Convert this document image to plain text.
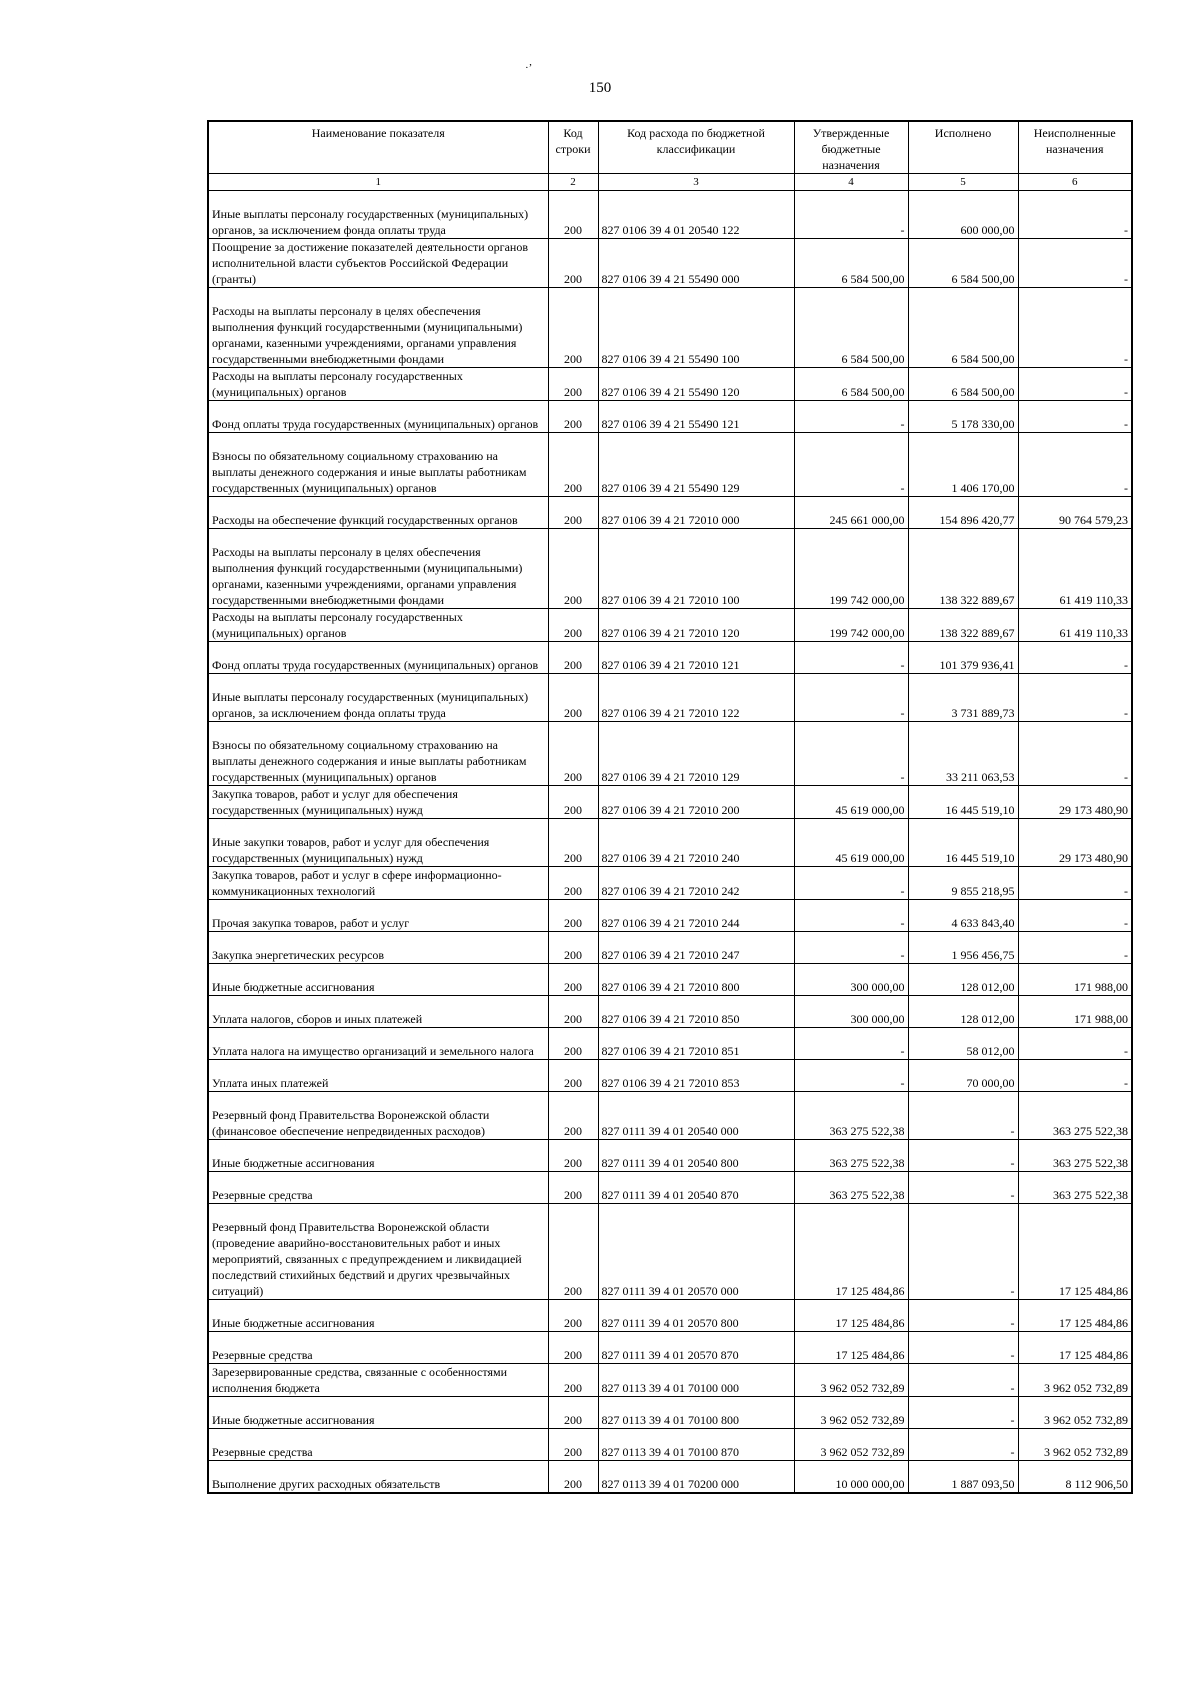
·’
150
Наименование показателя	Код строки	Код расхода по бюджетной классификации	Утвержденные бюджетные назначения	Исполнено	Неисполненные назначения
1	2	3	4	5	6
Иные выплаты персоналу государственных (муниципальных) органов, за исключением фонда оплаты труда	200	827 0106 39 4 01 20540 122	-	600 000,00	-
Поощрение за достижение показателей деятельности органов исполнительной власти субъектов Российской Федерации (гранты)	200	827 0106 39 4 21 55490 000	6 584 500,00	6 584 500,00	-
Расходы на выплаты персоналу в целях обеспечения выполнения функций государственными (муниципальными) органами, казенными учреждениями, органами управления государственными внебюджетными фондами	200	827 0106 39 4 21 55490 100	6 584 500,00	6 584 500,00	-
Расходы на выплаты персоналу государственных (муниципальных) органов	200	827 0106 39 4 21 55490 120	6 584 500,00	6 584 500,00	-
Фонд оплаты труда государственных (муниципальных) органов	200	827 0106 39 4 21 55490 121	-	5 178 330,00	-
Взносы по обязательному социальному страхованию на выплаты денежного содержания и иные выплаты работникам государственных (муниципальных) органов	200	827 0106 39 4 21 55490 129	-	1 406 170,00	-
Расходы на обеспечение функций государственных органов	200	827 0106 39 4 21 72010 000	245 661 000,00	154 896 420,77	90 764 579,23
Расходы на выплаты персоналу в целях обеспечения выполнения функций государственными (муниципальными) органами, казенными учреждениями, органами управления государственными внебюджетными фондами	200	827 0106 39 4 21 72010 100	199 742 000,00	138 322 889,67	61 419 110,33
Расходы на выплаты персоналу государственных (муниципальных) органов	200	827 0106 39 4 21 72010 120	199 742 000,00	138 322 889,67	61 419 110,33
Фонд оплаты труда государственных (муниципальных) органов	200	827 0106 39 4 21 72010 121	-	101 379 936,41	-
Иные выплаты персоналу государственных (муниципальных) органов, за исключением фонда оплаты труда	200	827 0106 39 4 21 72010 122	-	3 731 889,73	-
Взносы по обязательному социальному страхованию на выплаты денежного содержания и иные выплаты работникам государственных (муниципальных) органов	200	827 0106 39 4 21 72010 129	-	33 211 063,53	-
Закупка товаров, работ и услуг для обеспечения государственных (муниципальных) нужд	200	827 0106 39 4 21 72010 200	45 619 000,00	16 445 519,10	29 173 480,90
Иные закупки товаров, работ и услуг для обеспечения государственных (муниципальных) нужд	200	827 0106 39 4 21 72010 240	45 619 000,00	16 445 519,10	29 173 480,90
Закупка товаров, работ и услуг в сфере информационно-коммуникационных технологий	200	827 0106 39 4 21 72010 242	-	9 855 218,95	-
Прочая закупка товаров, работ и услуг	200	827 0106 39 4 21 72010 244	-	4 633 843,40	-
Закупка энергетических ресурсов	200	827 0106 39 4 21 72010 247	-	1 956 456,75	-
Иные бюджетные ассигнования	200	827 0106 39 4 21 72010 800	300 000,00	128 012,00	171 988,00
Уплата налогов, сборов и иных платежей	200	827 0106 39 4 21 72010 850	300 000,00	128 012,00	171 988,00
Уплата налога на имущество организаций и земельного налога	200	827 0106 39 4 21 72010 851	-	58 012,00	-
Уплата иных платежей	200	827 0106 39 4 21 72010 853	-	70 000,00	-
Резервный фонд Правительства Воронежской области (финансовое обеспечение непредвиденных расходов)	200	827 0111 39 4 01 20540 000	363 275 522,38	-	363 275 522,38
Иные бюджетные ассигнования	200	827 0111 39 4 01 20540 800	363 275 522,38	-	363 275 522,38
Резервные средства	200	827 0111 39 4 01 20540 870	363 275 522,38	-	363 275 522,38
Резервный фонд Правительства Воронежской области (проведение аварийно-восстановительных работ и иных мероприятий, связанных с предупреждением и ликвидацией последствий стихийных бедствий и других чрезвычайных ситуаций)	200	827 0111 39 4 01 20570 000	17 125 484,86	-	17 125 484,86
Иные бюджетные ассигнования	200	827 0111 39 4 01 20570 800	17 125 484,86	-	17 125 484,86
Резервные средства	200	827 0111 39 4 01 20570 870	17 125 484,86	-	17 125 484,86
Зарезервированные средства, связанные с особенностями исполнения бюджета	200	827 0113 39 4 01 70100 000	3 962 052 732,89	-	3 962 052 732,89
Иные бюджетные ассигнования	200	827 0113 39 4 01 70100 800	3 962 052 732,89	-	3 962 052 732,89
Резервные средства	200	827 0113 39 4 01 70100 870	3 962 052 732,89	-	3 962 052 732,89
Выполнение других расходных обязательств	200	827 0113 39 4 01 70200 000	10 000 000,00	1 887 093,50	8 112 906,50
